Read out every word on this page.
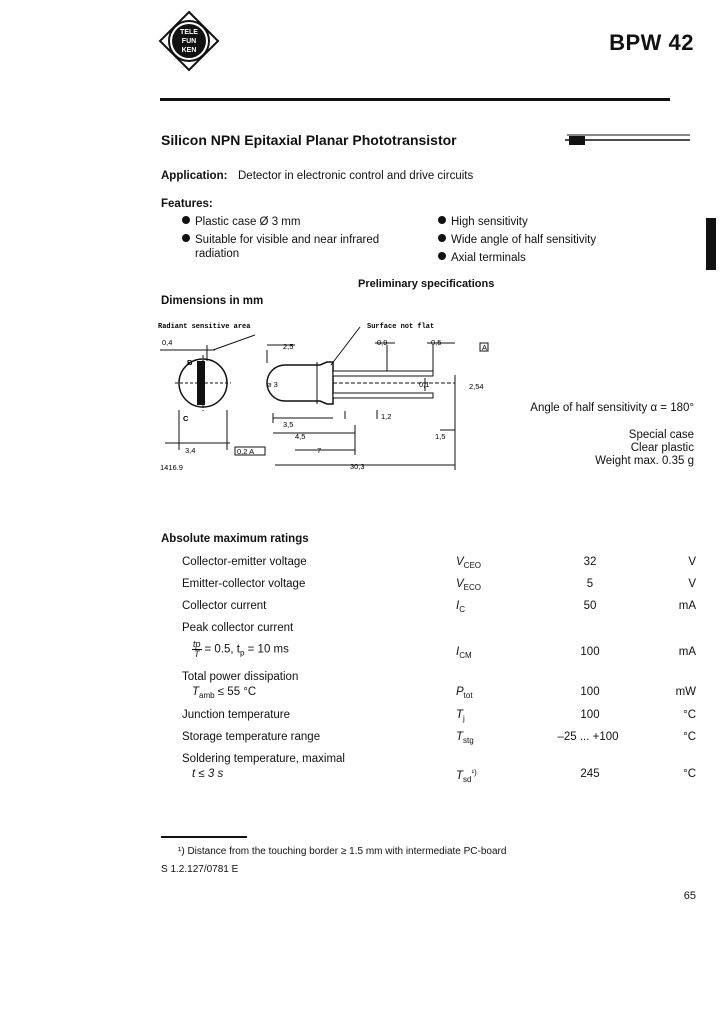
TELE
FUN
KEN	BPW 42
Silicon NPN Epitaxial Planar Phototransistor
Application: Detector in electronic control and drive circuits
Features:
Plastic case Ø 3 mm
Suitable for visible and near infrared
radiation
High sensitivity
Wide angle of half sensitivity
Axial terminals
Preliminary specifications
Dimensions in mm
Radiant sensitive area	Surface not flat
B
C
0,4	2,5	0,9	0,5
⌀ 3	0,1	2,54
3,5
1,2
4,5	1,5
3,4	0,2 A
A
7
30,3
1416.9
Angle of half sensitivity α = 180°
Special case
Clear plastic
Weight max. 0.35 g
Absolute maximum ratings
Collector-emitter voltage	$V_{CEO}$	32	V
Emitter-collector voltage	$V_{ECO}$	5	V
Collector current	$I_C$	50	mA
Peak collector current
$\frac{tp}{T} = 0.5$, $t_p = 10$ ms	$I_{CM}$	100	mA
Total power dissipation
$T_{amb} \le 55$ °C	$P_{tot}$	100	mW
Junction temperature	$T_j$	100	°C
Storage temperature range	$T_{stg}$	–25 ... +100	°C
Soldering temperature, maximal
t ≤ 3 s	$T_{sd}^{^1)}$	245	°C
¹) Distance from the touching border ≥ 1.5 mm with intermediate PC-board
S 1.2.127/0781 E
65
